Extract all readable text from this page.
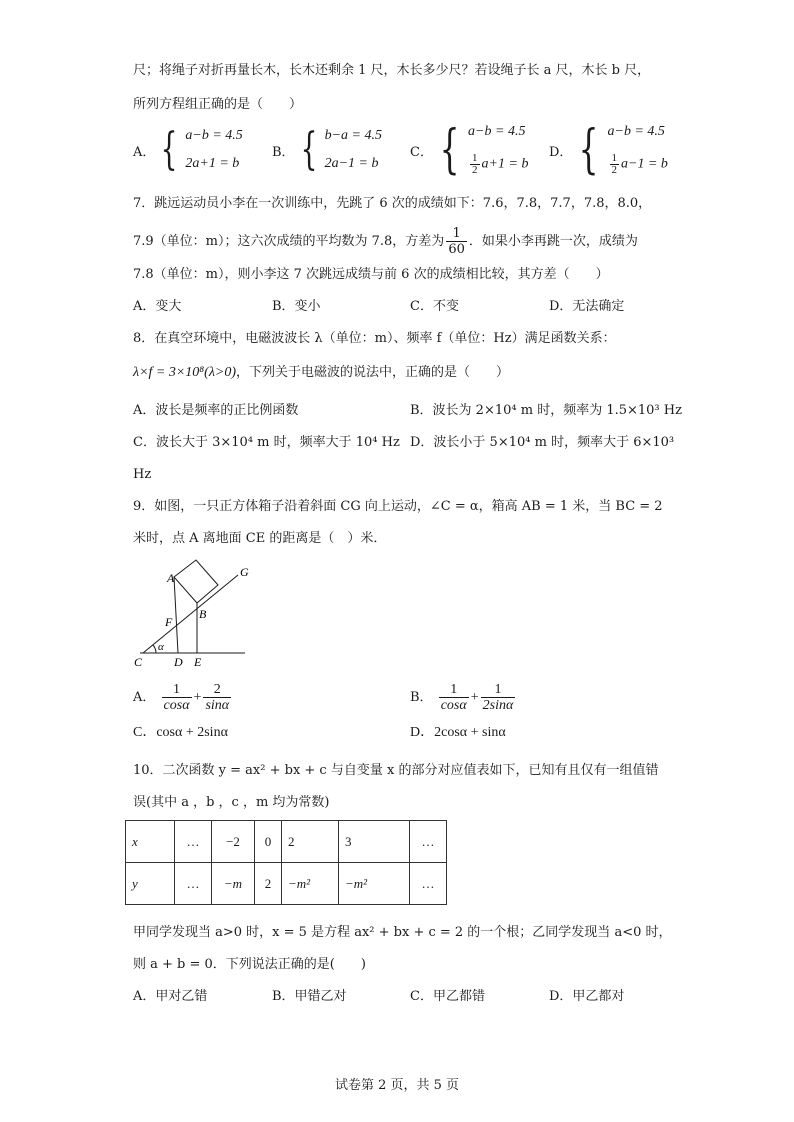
尺；将绳子对折再量长木，长木还剩余 1 尺，木长多少尺？若设绳子长 a 尺，木长 b 尺，
所列方程组正确的是（　　）
A． { a−b = 4.5
2a+1 = b
B． { b−a = 4.5
2a−1 = b
C． { a−b = 4.5
$\frac{1}{2} a+1 = b$
D． { a−b = 4.5
$\frac{1}{2} a-1 = b$
7．跳远运动员小李在一次训练中，先跳了 6 次的成绩如下：7.6，7.8，7.7，7.8，8.0，
7.9（单位：m）；这六次成绩的平均数为 7.8，方差为 $\frac{1}{60}$ ．如果小李再跳一次，成绩为
7.8（单位：m），则小李这 7 次跳远成绩与前 6 次的成绩相比较，其方差（　　）
A．变大	B．变小	C．不变	D．无法确定
8．在真空环境中，电磁波波长 λ（单位：m）、频率 f（单位：Hz）满足函数关系：
λ×f = 3×10⁸(λ>0)，下列关于电磁波的说法中，正确的是（　　）
A．波长是频率的正比例函数	B．波长为 2×10⁴ m 时，频率为 1.5×10³ Hz
C．波长大于 3×10⁴ m 时，频率大于 10⁴ Hz D．波长小于 5×10⁴ m 时，频率大于 6×10³
Hz
9．如图，一只正方体箱子沿着斜面 CG 向上运动，∠C = α，箱高 AB = 1 米，当 BC = 2
米时，点 A 离地面 CE 的距离是（　）米．
A	G
F
B
C	D E
α
A． $\frac{1}{\cos\alpha} + \frac{2}{\sin\alpha}$	B． $\frac{1}{\cos\alpha} + \frac{1}{2\sin\alpha}$
C．cosα + 2sinα	D．2cosα + sinα
10．二次函数 y = ax² + bx + c 与自变量 x 的部分对应值表如下，已知有且仅有一组值错
误(其中 a ，b ，c ，m 均为常数)
x	…	−2	0	2	3	…
y	…	−m	2	−m²	−m²	…
甲同学发现当 a>0 时，x = 5 是方程 ax² + bx + c = 2 的一个根；乙同学发现当 a<0 时，
则 a + b = 0．下列说法正确的是(　　)
A．甲对乙错	B．甲错乙对	C．甲乙都错	D．甲乙都对
试卷第 2 页，共 5 页
